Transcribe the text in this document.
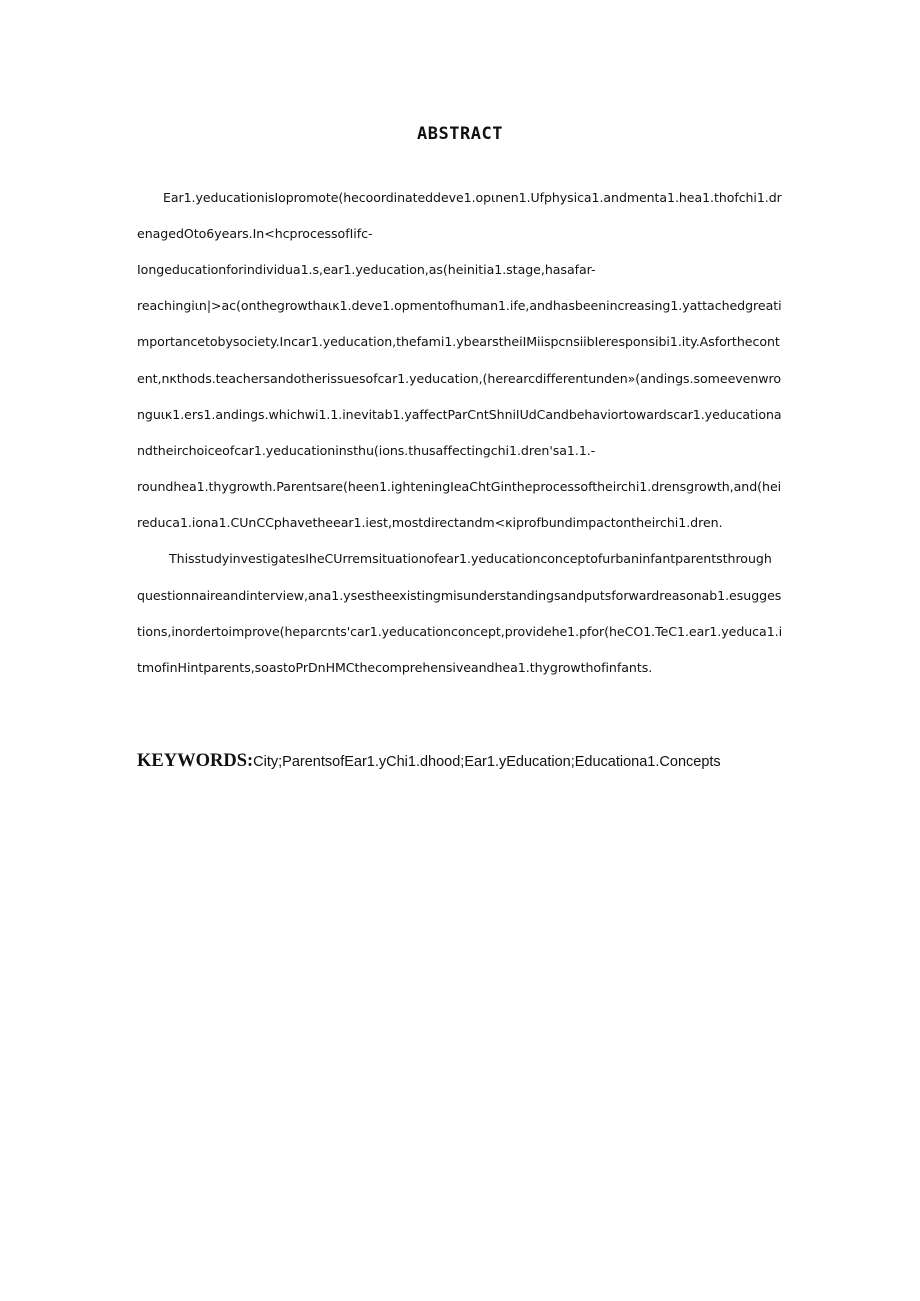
ABSTRACT
Ear1.yeducationisIopromote(hecoordinateddeve1.opιnen1.Ufphysica1.andmenta1.hea1.thofchi1.dr
enagedOto6years.In<hcprocessofIifc-
Iongeducationforindividua1.s,ear1.yeducation,as(heinitia1.stage,hasafar-
reachingiιn|>ac(onthegrowthaικ1.deve1.opmentofhuman1.ife,andhasbeenincreasing1.yattachedgreati
mportancetobysociety.Incar1.yeducation,thefami1.ybearstheiIMiispcnsiibIeresponsibi1.ity.Asforthecont
ent,nκthods.teachersandotherissuesofcar1.yeducation,(herearcdifferentunden»(andings.someevenwro
nguικ1.ers1.andings.whichwi1.1.inevitab1.yaffectParCntShniIUdCandbehaviortowardscar1.yeducationa
ndtheirchoiceofcar1.yeducationinsthu(ions.thusaffectingchi1.dren'sa1.1.-
roundhea1.thygrowth.Parentsare(heen1.ighteningIeaChtGintheprocessoftheirchi1.drensgrowth,and(hei
reduca1.iona1.CUnCCphavetheear1.iest,mostdirectandm<κiprofbundimpactontheirchi1.dren.
ThisstudyinvestigatesIheCUrremsituationofear1.yeducationconceptofurbaninfantparentsthrough
questionnaireandinterview,ana1.ysestheexistingmisunderstandingsandputsforwardreasonab1.esugges
tions,inordertoimprove(heparcnts'car1.yeducationconcept,providehe1.pfor(heCO1.TeC1.ear1.yeduca1.i
tmofinHintparents,soastoPrDnHMCthecomprehensiveandhea1.thygrowthofinfants.
KEYWORDS:City;ParentsofEar1.yChi1.dhood;Ear1.yEducation;Educationa1.Concepts
